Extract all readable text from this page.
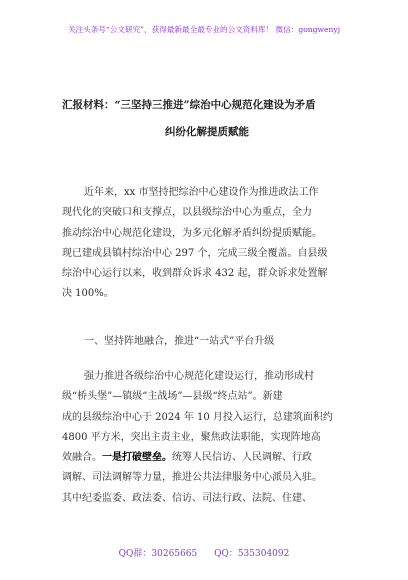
关注头条号“公文研究”，获得最新最全最专业的公文资料库！ 微信：gongwenyj
汇报材料：“三坚持三推进”综治中心规范化建设为矛盾
纠纷化解提质赋能
近年来，xx 市坚持把综治中心建设作为推进政法工作
现代化的突破口和支撑点，以县级综治中心为重点，全力
推动综治中心规范化建设，为多元化解矛盾纠纷提质赋能。
现已建成县镇村综治中心 297 个，完成三级全覆盖。自县级
综治中心运行以来，收到群众诉求 432 起，群众诉求处置解
决 100%。
一、坚持阵地融合，推进“一站式”平台升级
强力推进各级综治中心规范化建设运行，推动形成村
级“桥头堡”—镇级“主战场”—县级“终点站”。新建
成的县级综治中心于 2024 年 10 月投入运行，总建筑面积约
4800 平方米，突出主责主业，聚焦政法职能，实现阵地高
效融合。一是打破壁垒。统筹人民信访、人民调解、行政
调解、司法调解等力量，推进公共法律服务中心派员入驻。
其中纪委监委、政法委、信访、司法行政、法院、住建、
QQ群：30265665 QQ：535304092
